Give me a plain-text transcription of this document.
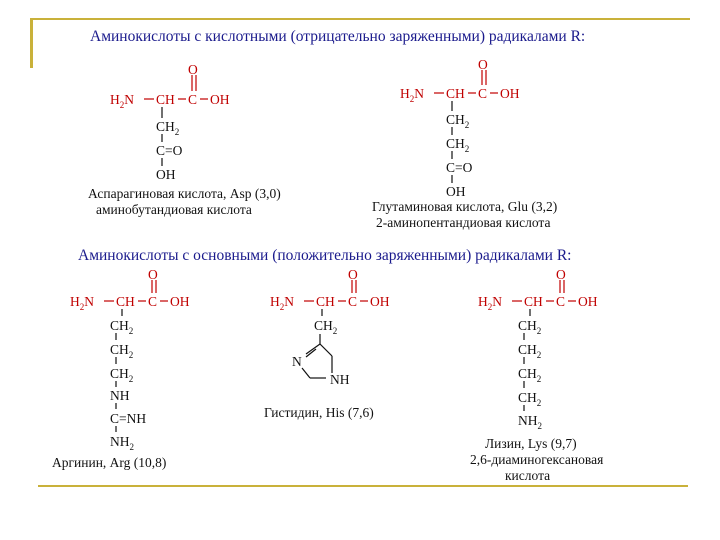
Аминокислоты с кислотными (отрицательно заряженными) радикалами R:
Аминокислоты с основными (положительно заряженными) радикалами R:
$H_2N$ CH C
O
OH
$CH_2$
C=O
OH
Аспарагиновая кислота, Asp (3,0)
аминобутандиовая кислота
$H_2N$ CH C
O
OH
$CH_2$
$CH_2$
C=O
OH
Глутаминовая кислота, Glu (3,2)
2-аминопентандиовая кислота
$H_2N$ CH C
O
OH
$CH_2$
$CH_2$
$CH_2$
NH
C=NH
$NH_2$
Аргинин, Arg (10,8)
$H_2N$ CH C
O
OH
$CH_2$
N
NH
Гистидин, His (7,6)
$H_2N$ CH C
O
OH
$CH_2$
$CH_2$
$CH_2$
$CH_2$
$NH_2$
Лизин, Lys (9,7)
2,6-диаминогексановая
кислота
